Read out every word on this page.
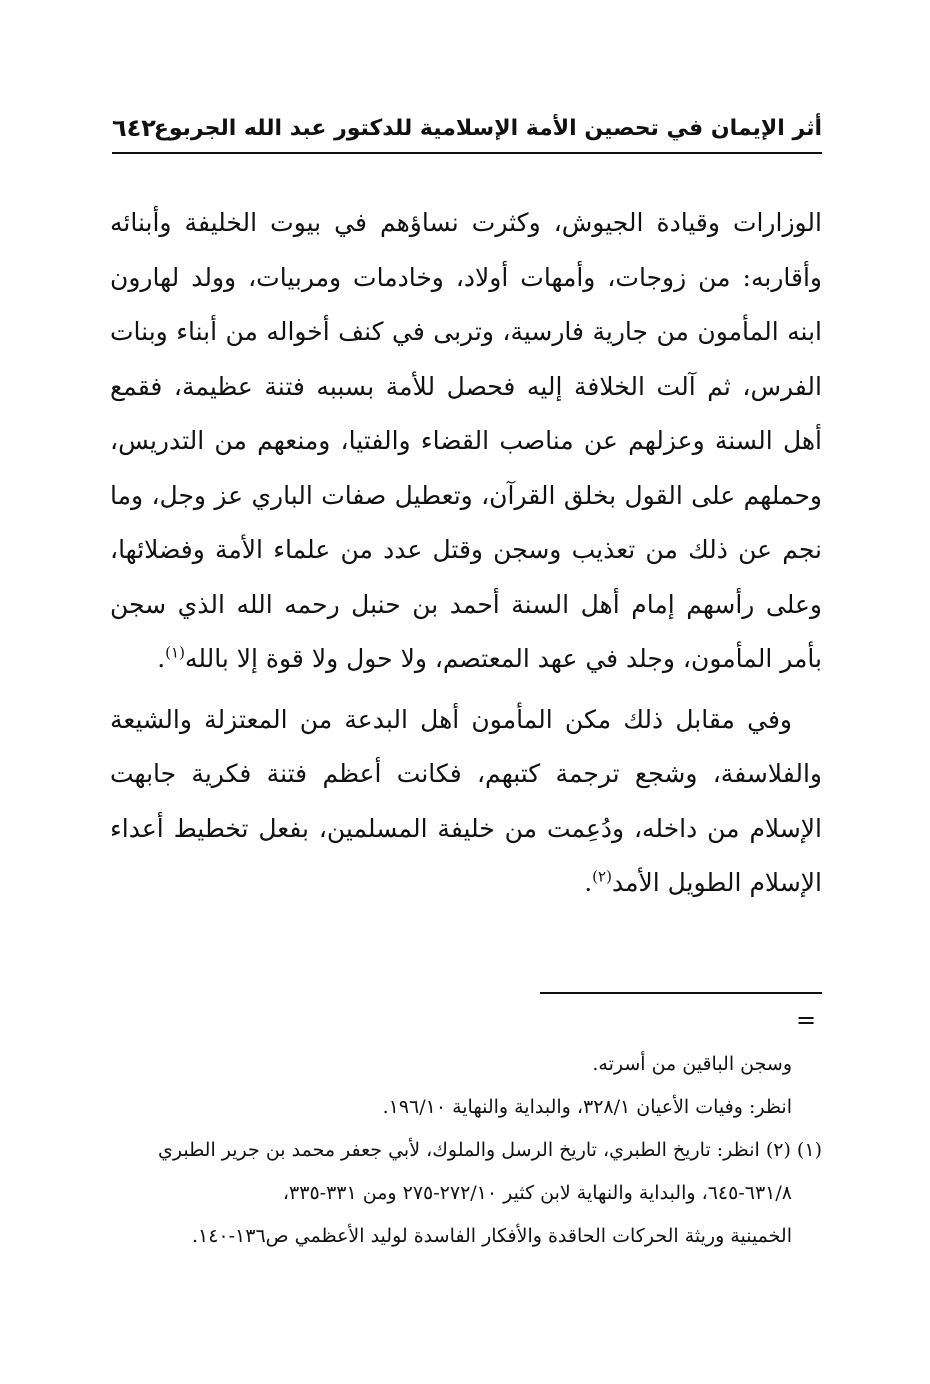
أثر الإيمان في تحصين الأمة الإسلامية للدكتور عبد الله الجربوع
٦٤٢

الوزارات وقيادة الجيوش، وكثرت نساؤهم في بيوت الخليفة وأبنائه وأقاربه: من زوجات، وأمهات أولاد، وخادمات ومربيات، وولد لهارون ابنه المأمون من جارية فارسية، وتربى في كنف أخواله من أبناء وبنات الفرس، ثم آلت الخلافة إليه فحصل للأمة بسببه فتنة عظيمة، فقمع أهل السنة وعزلهم عن مناصب القضاء والفتيا، ومنعهم من التدريس، وحملهم على القول بخلق القرآن، وتعطيل صفات الباري عز وجل، وما نجم عن ذلك من تعذيب وسجن وقتل عدد من علماء الأمة وفضلائها، وعلى رأسهم إمام أهل السنة أحمد بن حنبل رحمه الله الذي سجن بأمر المأمون، وجلد في عهد المعتصم، ولا حول ولا قوة إلا بالله$^{(١)}$.

وفي مقابل ذلك مكن المأمون أهل البدعة من المعتزلة والشيعة والفلاسفة، وشجع ترجمة كتبهم، فكانت أعظم فتنة فكرية جابهت الإسلام من داخله، ودُعِمت من خليفة المسلمين، بفعل تخطيط أعداء الإسلام الطويل الأمد$^{(٢)}$.

=

وسجن الباقين من أسرته.

انظر: وفيات الأعيان ٣٢٨/١، والبداية والنهاية ١٩٦/١٠.

(١) (٢) انظر: تاريخ الطبري، تاريخ الرسل والملوك، لأبي جعفر محمد بن جرير الطبري

٦٣١/٨-٦٤٥، والبداية والنهاية لابن كثير ٢٧٢/١٠-٢٧٥ ومن ٣٣١-٣٣٥،

الخمينية وريثة الحركات الحاقدة والأفكار الفاسدة لوليد الأعظمي ص١٣٦-١٤٠.
